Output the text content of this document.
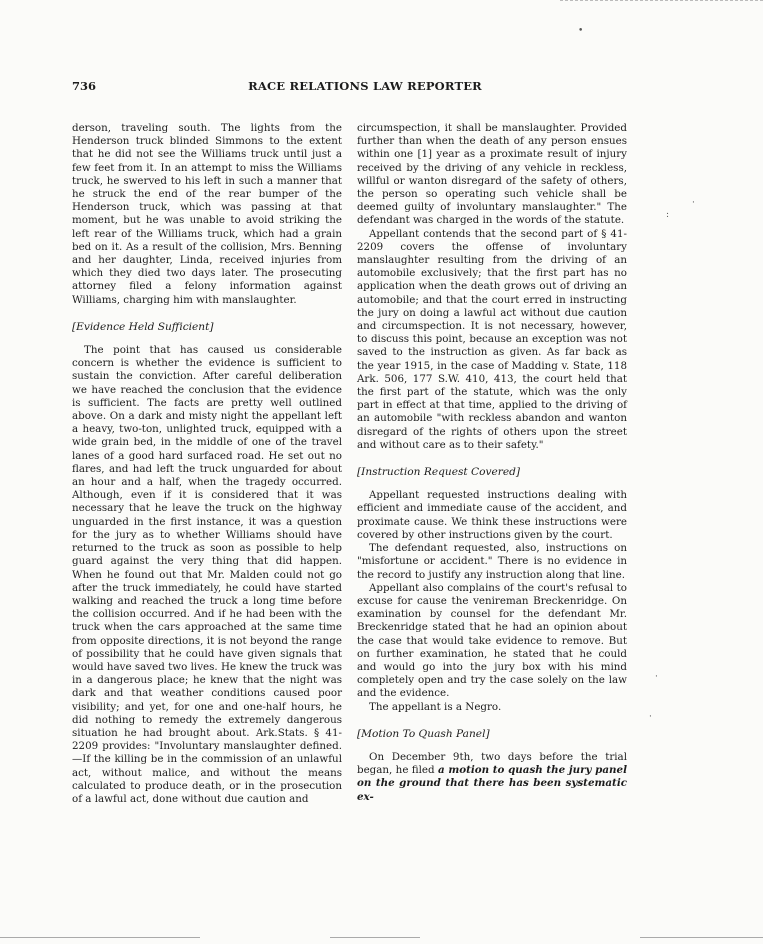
•
736	RACE RELATIONS LAW REPORTER

derson, traveling south. The lights from the Henderson truck blinded Simmons to the extent that he did not see the Williams truck until just a few feet from it. In an attempt to miss the Williams truck, he swerved to his left in such a manner that he struck the end of the rear bumper of the Henderson truck, which was passing at that moment, but he was unable to avoid striking the left rear of the Williams truck, which had a grain bed on it. As a result of the collision, Mrs. Benning and her daughter, Linda, received injuries from which they died two days later. The prosecuting attorney filed a felony information against Williams, charging him with manslaughter.

[Evidence Held Sufficient]

The point that has caused us considerable concern is whether the evidence is sufficient to sustain the conviction. After careful deliberation we have reached the conclusion that the evidence is sufficient. The facts are pretty well outlined above. On a dark and misty night the appellant left a heavy, two-ton, unlighted truck, equipped with a wide grain bed, in the middle of one of the travel lanes of a good hard surfaced road. He set out no flares, and had left the truck unguarded for about an hour and a half, when the tragedy occurred. Although, even if it is considered that it was necessary that he leave the truck on the highway unguarded in the first instance, it was a question for the jury as to whether Williams should have returned to the truck as soon as possible to help guard against the very thing that did happen. When he found out that Mr. Malden could not go after the truck immediately, he could have started walking and reached the truck a long time before the collision occurred. And if he had been with the truck when the cars approached at the same time from opposite directions, it is not beyond the range of possibility that he could have given signals that would have saved two lives. He knew the truck was in a dangerous place; he knew that the night was dark and that weather conditions caused poor visibility; and yet, for one and one-half hours, he did nothing to remedy the extremely dangerous situation he had brought about. Ark.Stats. § 41-2209 provides: "Involuntary manslaughter defined.—If the killing be in the commission of an unlawful act, without malice, and without the means calculated to produce death, or in the prosecution of a lawful act, done without due caution and

circumspection, it shall be manslaughter. Provided further than when the death of any person ensues within one [1] year as a proximate result of injury received by the driving of any vehicle in reckless, willful or wanton disregard of the safety of others, the person so operating such vehicle shall be deemed guilty of involuntary manslaughter." The defendant was charged in the words of the statute.

Appellant contends that the second part of § 41-2209 covers the offense of involuntary manslaughter resulting from the driving of an automobile exclusively; that the first part has no application when the death grows out of driving an automobile; and that the court erred in instructing the jury on doing a lawful act without due caution and circumspection. It is not necessary, however, to discuss this point, because an exception was not saved to the instruction as given. As far back as the year 1915, in the case of Madding v. State, 118 Ark. 506, 177 S.W. 410, 413, the court held that the first part of the statute, which was the only part in effect at that time, applied to the driving of an automobile "with reckless abandon and wanton disregard of the rights of others upon the street and without care as to their safety."

[Instruction Request Covered]

Appellant requested instructions dealing with efficient and immediate cause of the accident, and proximate cause. We think these instructions were covered by other instructions given by the court.

The defendant requested, also, instructions on "misfortune or accident." There is no evidence in the record to justify any instruction along that line.

Appellant also complains of the court's refusal to excuse for cause the venireman Breckenridge. On examination by counsel for the defendant Mr. Breckenridge stated that he had an opinion about the case that would take evidence to remove. But on further examination, he stated that he could and would go into the jury box with his mind completely open and try the case solely on the law and the evidence.

The appellant is a Negro.

[Motion To Quash Panel]

On December 9th, two days before the trial began, he filed a motion to quash the jury panel on the ground that there has been systematic ex-

·
:
·
·
